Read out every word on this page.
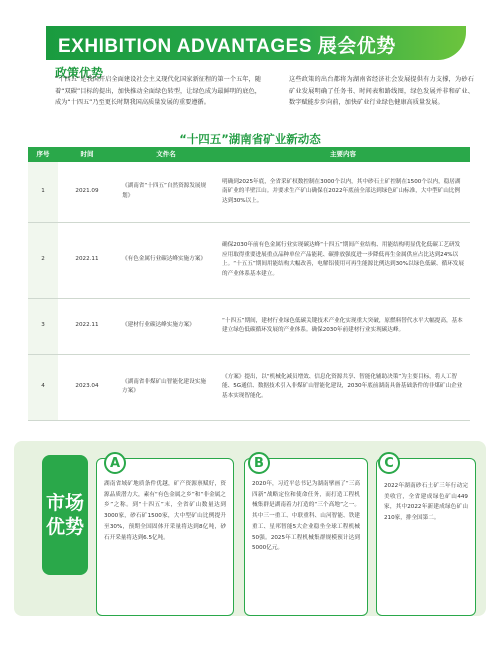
EXHIBITION ADVANTAGES 展会优势
政策优势
“十四五”是我国开启全面建设社会主义现代化国家新征程的第一个五年，随着“双碳”目标的提出，加快推动全面绿色转型，让绿色成为最鲜明的底色，成为“十四五”乃至更长时期我国高质量发展的重要遵循。
这些政策的出台都将为湖南省经济社会发展提供有力支撑，为砂石矿业发展明确了任务书、时间表和路线图，绿色发展并非和矿业、数字赋能步步向前，加快矿业行业绿色健康高质量发展。
“十四五”湖南省矿业新动态
序号	时间	文件名	主要内容
1	2021.09	《湖南省“十四五”自然资源发展规划》	明确到2025年底，全省采矿权数控制在3000个以内，其中砂石土矿控制在1500个以内，稳居湖南矿业的半壁江山。并要求生产矿山确保在2022年底前全部达到绿色矿山标准，大中型矿山比例达到30%以上。
2	2022.11	《有色金属行业碳达峰实施方案》	确保2030年前有色金属行业实现碳达峰“十四五”期间产业结构、用能结构明显优化低碳工艺研发应用取得重要进展重点品种单位产品能耗、碳排放强度进一步降低再生金属供应占比达到24%以上。“十五五”期间用能结构大幅改善，电解铝使用可再生能源比例达到30%以绿色低碳、循环发展的产业体系基本建立。
3	2022.11	《建材行业碳达峰实施方案》	“十四五”期间，建材行业绿色低碳关键技术产业化实现重大突破，原燃料替代水平大幅提高，基本建立绿色低碳循环发展的产业体系。确保2030年前建材行业实现碳达峰。
4	2023.04	《湖南省非煤矿山智能化建设实施方案》	《方案》提出，以“机械化减员增效、信息化资源共享、智能化辅助决策”为主要目标，将人工智能、5G通信、数据技术引入非煤矿山智能化建设，2030年底前湖南具备基础条件的非煤矿山企业基本实现智能化。
市场
优势

湖南省域矿地质条件优越，矿产资源禀赋好，资源品质潜力大，素有“有色金属之乡”和“非金属之乡”之称。到“十四五”末，全省矿山数量达到3000家，砂石矿1500家，大中型矿山比例提升至30%，预期全国固体开采量将达到8亿吨，砂石开采量将达到6.5亿吨。

2020年，习近平总书记为湖南擘画了“三高四新”战略定位和使命任务，而打造工程机械集群是湖南着力打造的“三个高地”之一。其中三一重工、中联重科、山河智能、铁建重工、星邦智能5大企业稳坐全球工程机械50强。2025年工程机械集群规模预计达到5000亿元。

2022年湖南砂石土矿三年行动完美收官，全省建成绿色矿山449家，其中2022年新建成绿色矿山210家，排全国第二。

A	B	C
